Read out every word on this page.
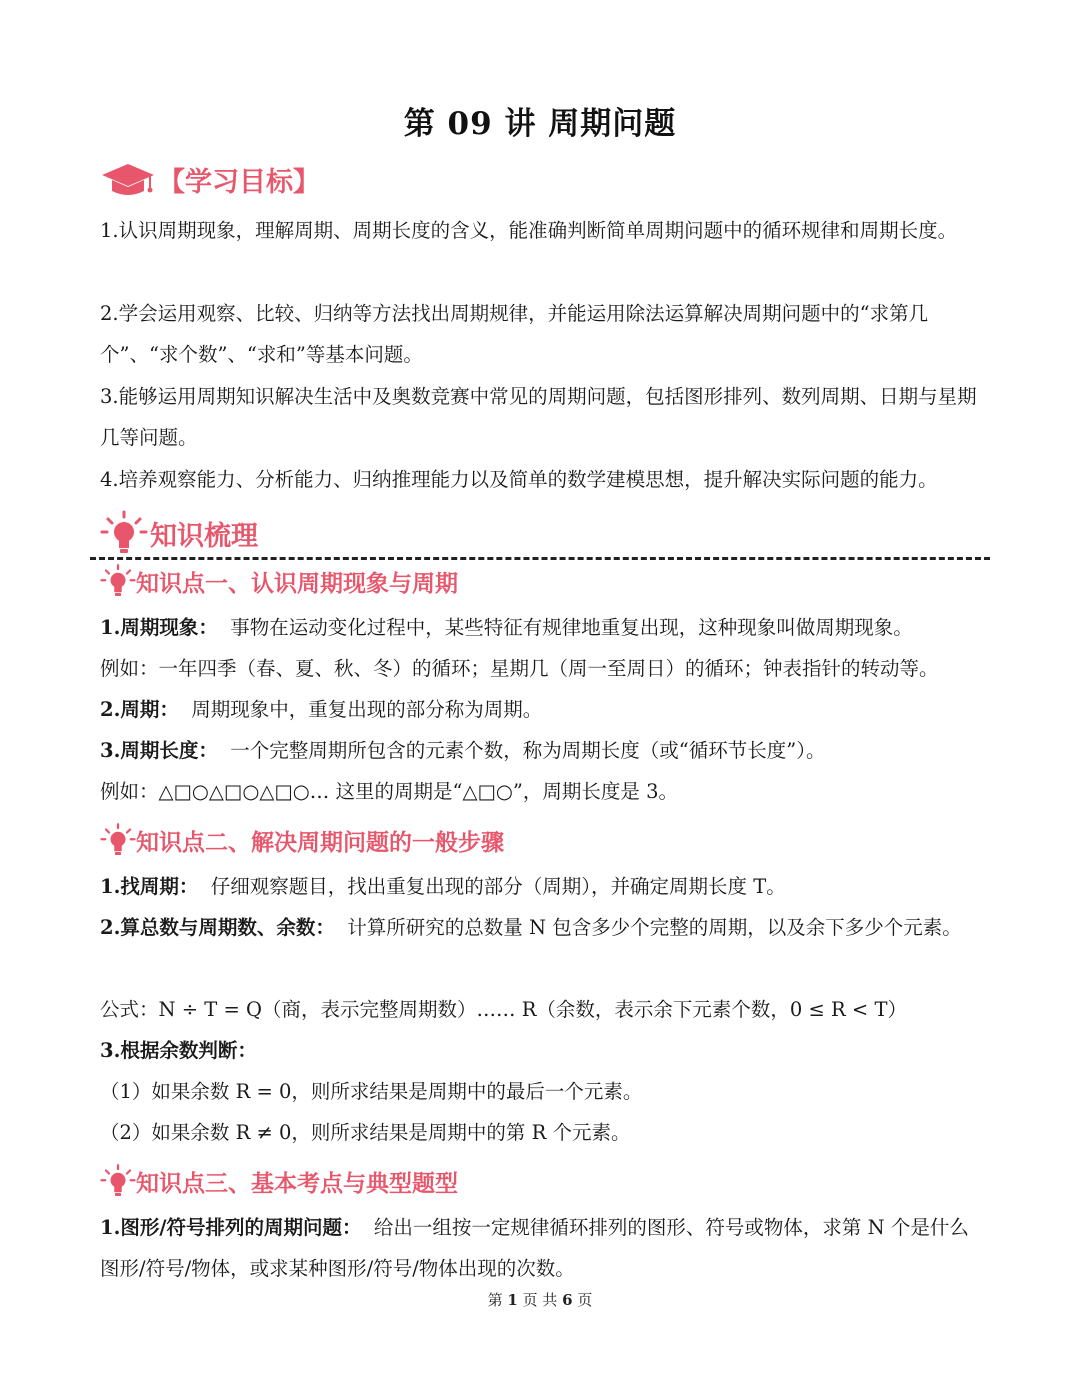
第 09 讲 周期问题
【学习目标】
1.认识周期现象，理解周期、周期长度的含义，能准确判断简单周期问题中的循环规律和周期长度。
2.学会运用观察、比较、归纳等方法找出周期规律，并能运用除法运算解决周期问题中的“求第几个”、“求个数”、“求和”等基本问题。
3.能够运用周期知识解决生活中及奥数竞赛中常见的周期问题，包括图形排列、数列周期、日期与星期几等问题。
4.培养观察能力、分析能力、归纳推理能力以及简单的数学建模思想，提升解决实际问题的能力。
知识梳理
知识点一、认识周期现象与周期
1.周期现象： 事物在运动变化过程中，某些特征有规律地重复出现，这种现象叫做周期现象。
例如：一年四季（春、夏、秋、冬）的循环；星期几（周一至周日）的循环；钟表指针的转动等。
2.周期： 周期现象中，重复出现的部分称为周期。
3.周期长度： 一个完整周期所包含的元素个数，称为周期长度（或“循环节长度”）。
例如：△□○△□○△□○… 这里的周期是“△□○”，周期长度是 3。
知识点二、解决周期问题的一般步骤
1.找周期： 仔细观察题目，找出重复出现的部分（周期），并确定周期长度 T。
2.算总数与周期数、余数： 计算所研究的总数量 N 包含多少个完整的周期，以及余下多少个元素。
公式：N ÷ T = Q（商，表示完整周期数）…… R（余数，表示余下元素个数，0 ≤ R < T）
3.根据余数判断：
（1）如果余数 R = 0，则所求结果是周期中的最后一个元素。
（2）如果余数 R ≠ 0，则所求结果是周期中的第 R 个元素。
知识点三、基本考点与典型题型
1.图形/符号排列的周期问题： 给出一组按一定规律循环排列的图形、符号或物体，求第 N 个是什么图形/符号/物体，或求某种图形/符号/物体出现的次数。
第 1 页 共 6 页
